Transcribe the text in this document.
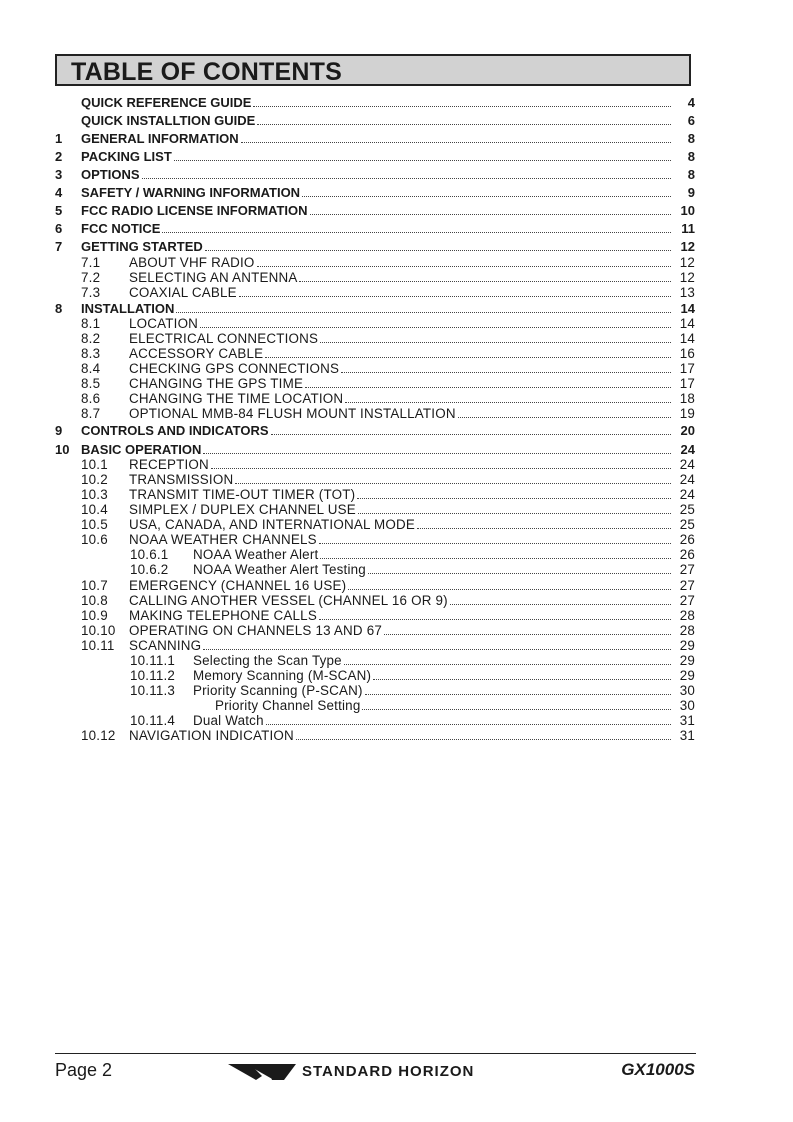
TABLE OF CONTENTS
QUICK REFERENCE GUIDE	4
QUICK INSTALLTION GUIDE	6
1 GENERAL INFORMATION	8
2 PACKING LIST	8
3 OPTIONS	8
4 SAFETY / WARNING INFORMATION	9
5 FCC RADIO LICENSE INFORMATION	10
6 FCC NOTICE	11
7 GETTING STARTED	12
7.1 ABOUT VHF RADIO	12
7.2 SELECTING AN ANTENNA	12
7.3 COAXIAL CABLE	13
8 INSTALLATION	14
8.1 LOCATION	14
8.2 ELECTRICAL CONNECTIONS	14
8.3 ACCESSORY CABLE	16
8.4 CHECKING GPS CONNECTIONS	17
8.5 CHANGING THE GPS TIME	17
8.6 CHANGING THE TIME LOCATION	18
8.7 OPTIONAL MMB-84 FLUSH MOUNT INSTALLATION	19
9 CONTROLS AND INDICATORS	20
10 BASIC OPERATION	24
10.1 RECEPTION	24
10.2 TRANSMISSION	24
10.3 TRANSMIT TIME-OUT TIMER (TOT)	24
10.4 SIMPLEX / DUPLEX CHANNEL USE	25
10.5 USA, CANADA, AND INTERNATIONAL MODE	25
10.6 NOAA WEATHER CHANNELS	26
10.6.1 NOAA Weather Alert	26
10.6.2 NOAA Weather Alert Testing	27
10.7 EMERGENCY (CHANNEL 16 USE)	27
10.8 CALLING ANOTHER VESSEL (CHANNEL 16 OR 9)	27
10.9 MAKING TELEPHONE CALLS	28
10.10 OPERATING ON CHANNELS 13 AND 67	28
10.11 SCANNING	29
10.11.1 Selecting the Scan Type	29
10.11.2 Memory Scanning (M-SCAN)	29
10.11.3 Priority Scanning (P-SCAN)	30
Priority Channel Setting	30
10.11.4 Dual Watch	31
10.12 NAVIGATION INDICATION	31
Page 2	STANDARD HORIZON	GX1000S
